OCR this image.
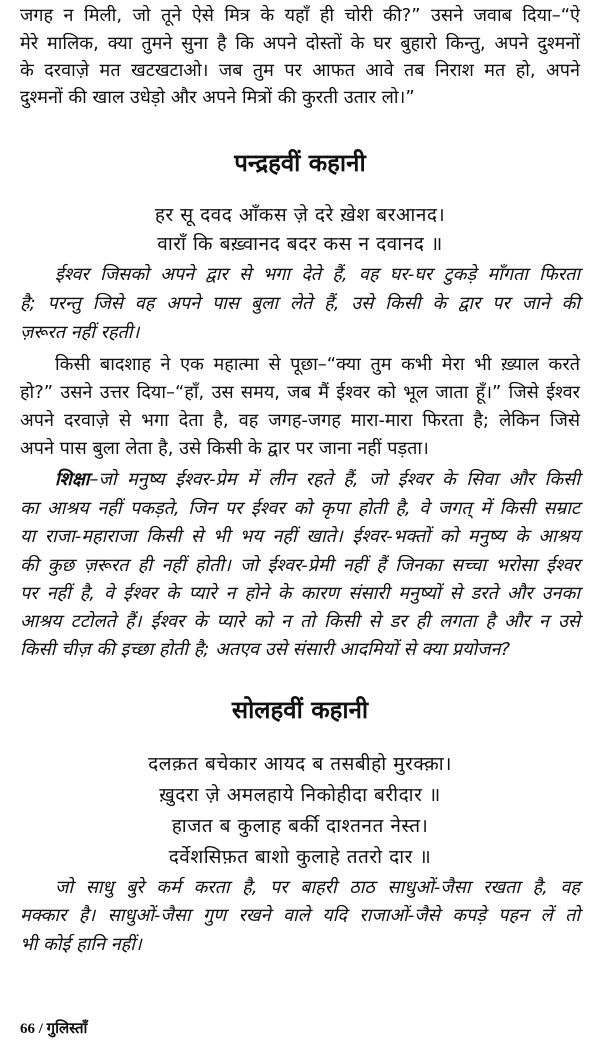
जगह न मिली, जो तूने ऐसे मित्र के यहाँ ही चोरी की?” उसने जवाब दिया–“ऐ
मेरे मालिक, क्या तुमने सुना है कि अपने दोस्तों के घर बुहारो किन्तु, अपने दुश्मनों
के दरवाज़े मत खटखटाओ। जब तुम पर आफत आवे तब निराश मत हो, अपने
दुश्मनों की खाल उधेड़ो और अपने मित्रों की कुरती उतार लो।”
पन्द्रहवीं कहानी
हर सू दवद आँकस ज़े दरे ख़ेश बरआनद।
वाराँ कि बख़्वानद बदर कस न दवानद ॥
ईश्वर जिसको अपने द्वार से भगा देते हैं, वह घर-घर टुकड़े माँगता फिरता
है; परन्तु जिसे वह अपने पास बुला लेते हैं, उसे किसी के द्वार पर जाने की
ज़रूरत नहीं रहती।
किसी बादशाह ने एक महात्मा से पूछा–“क्या तुम कभी मेरा भी ख़्याल करते
हो?” उसने उत्तर दिया–“हाँ, उस समय, जब मैं ईश्वर को भूल जाता हूँ।” जिसे ईश्वर
अपने दरवाज़े से भगा देता है, वह जगह-जगह मारा-मारा फिरता है; लेकिन जिसे
अपने पास बुला लेता है, उसे किसी के द्वार पर जाना नहीं पड़ता।
शिक्षा–जो मनुष्य ईश्वर-प्रेम में लीन रहते हैं, जो ईश्वर के सिवा और किसी
का आश्रय नहीं पकड़ते, जिन पर ईश्वर को कृपा होती है, वे जगत् में किसी सम्राट
या राजा-महाराजा किसी से भी भय नहीं खाते। ईश्वर-भक्तों को मनुष्य के आश्रय
की कुछ ज़रूरत ही नहीं होती। जो ईश्वर-प्रेमी नहीं हैं जिनका सच्चा भरोसा ईश्वर
पर नहीं है, वे ईश्वर के प्यारे न होने के कारण संसारी मनुष्यों से डरते और उनका
आश्रय टटोलते हैं। ईश्वर के प्यारे को न तो किसी से डर ही लगता है और न उसे
किसी चीज़ की इच्छा होती है; अतएव उसे संसारी आदमियों से क्या प्रयोजन?
सोलहवीं कहानी
दलक़त बचेकार आयद ब तसबीहो मुरक्क़ा।
ख़ुदरा ज़े अमलहाये निकोहीदा बरीदार ॥
हाजत ब कुलाह बर्की दाश्तनत नेस्त।
दर्वेशसिफ़त बाशो कुलाहे ततरो दार ॥
जो साधु बुरे कर्म करता है, पर बाहरी ठाठ साधुओं-जैसा रखता है, वह
मक्कार है। साधुओं-जैसा गुण रखने वाले यदि राजाओं-जैसे कपड़े पहन लें तो
भी कोई हानि नहीं।
66 / गुलिस्ताँ
